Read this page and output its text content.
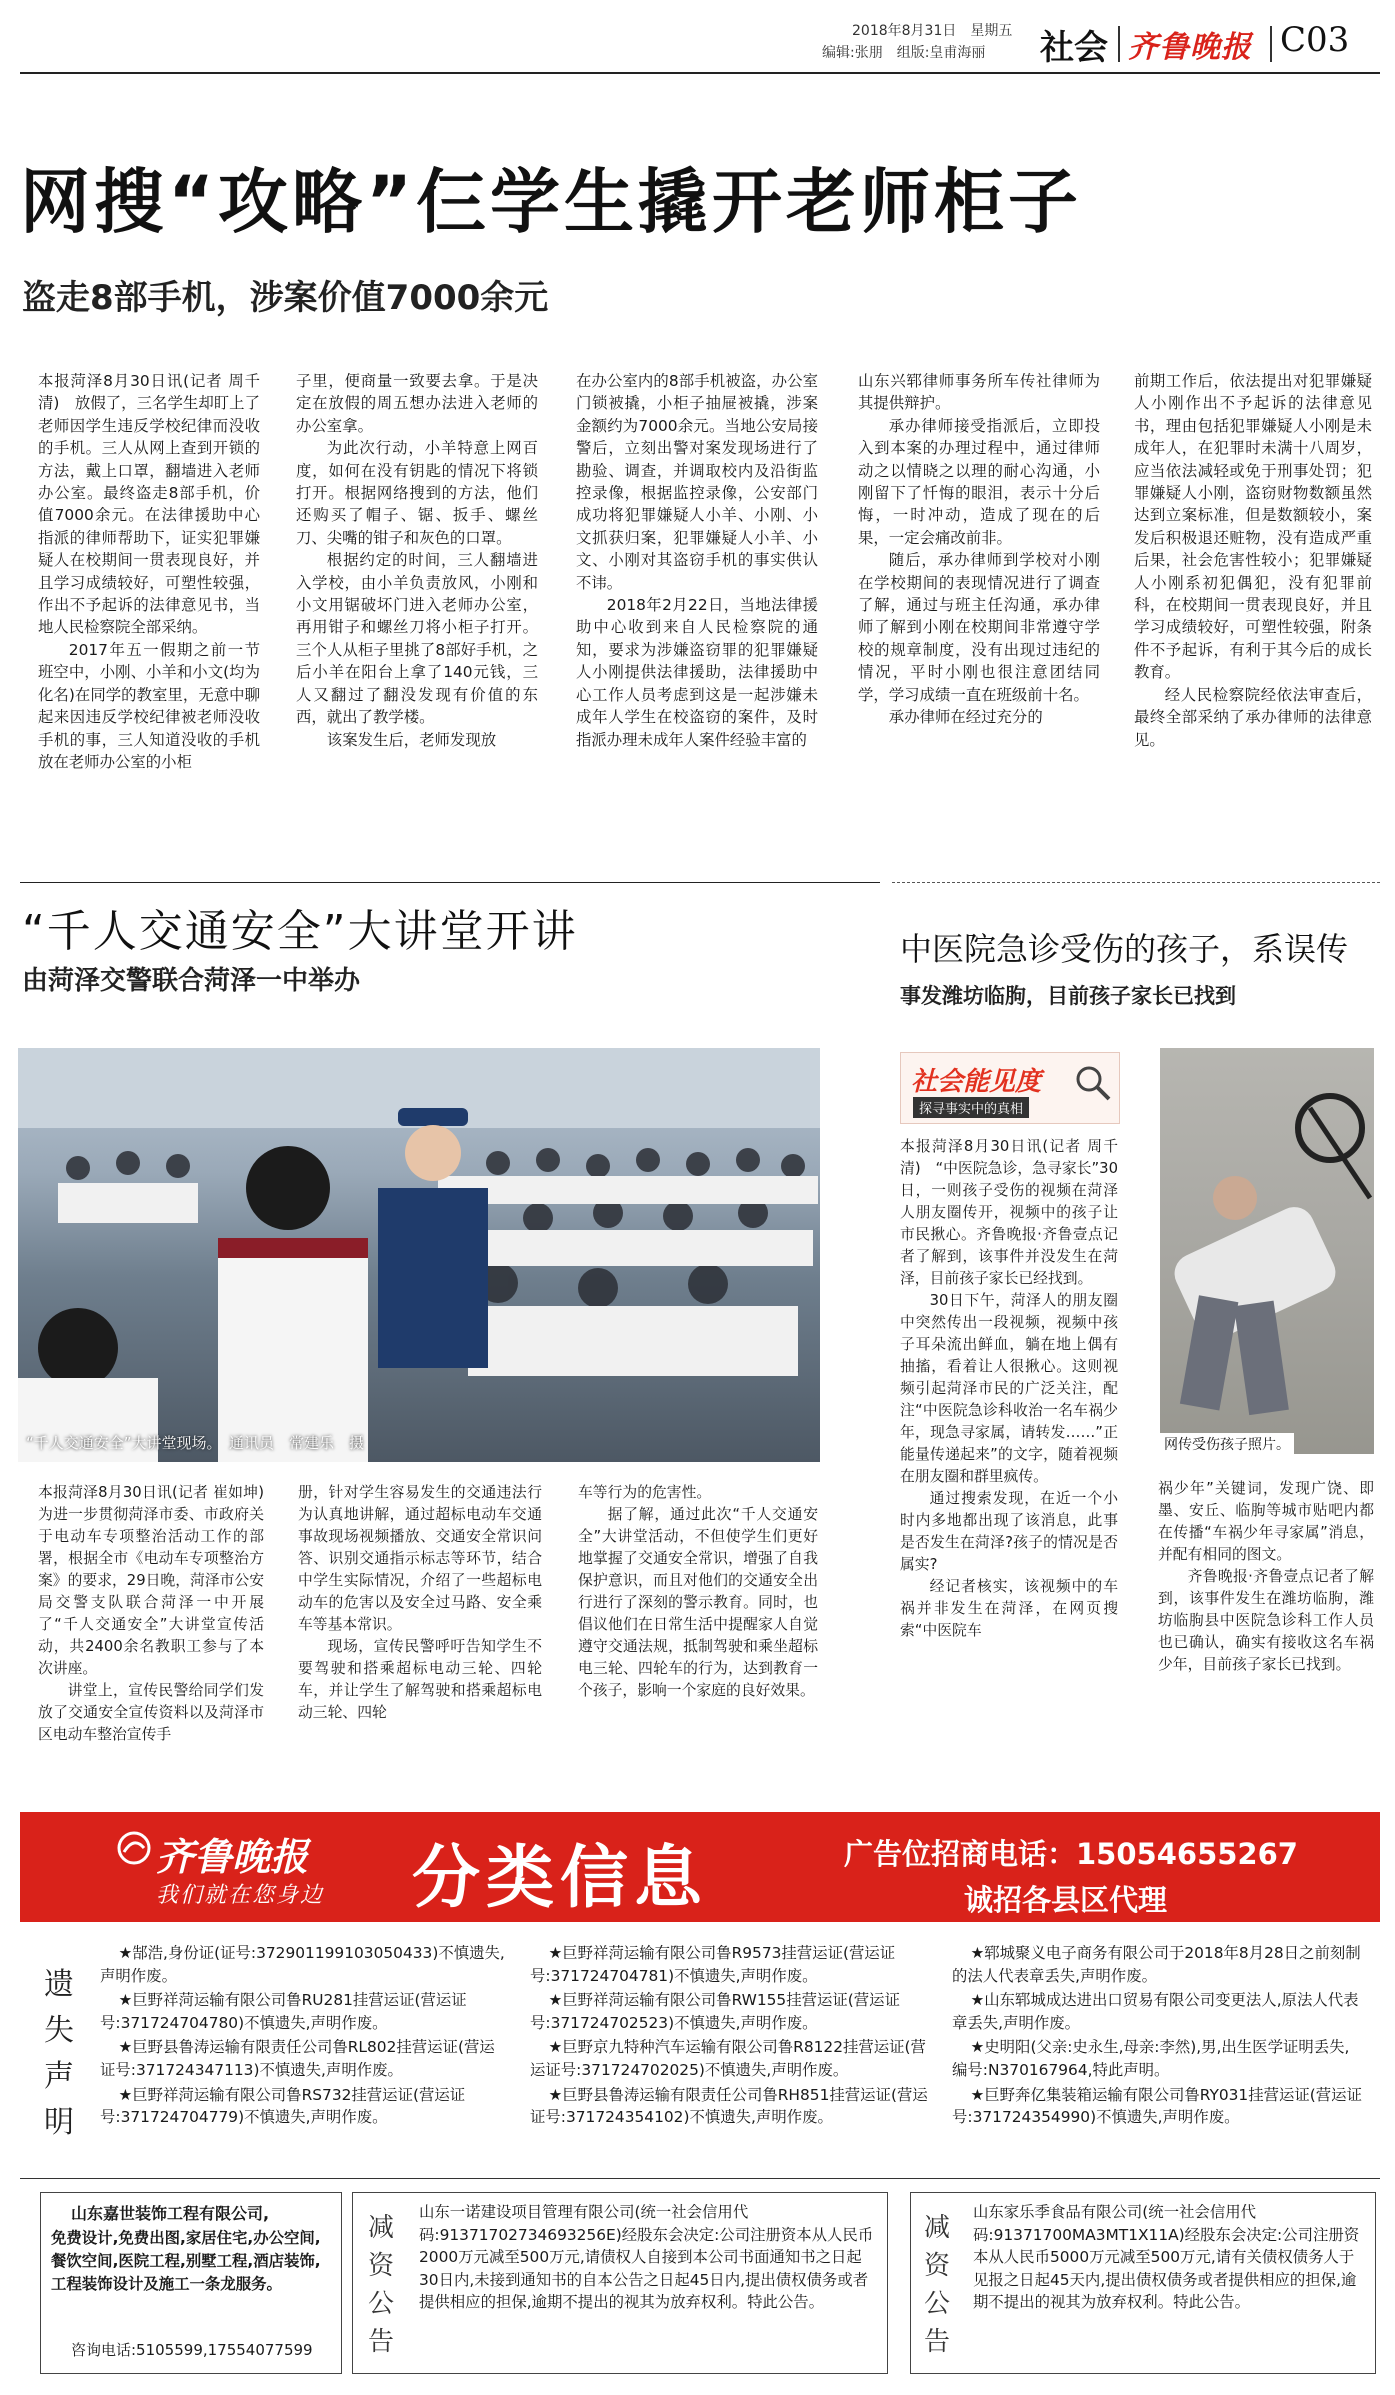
2018年8月31日　星期五
编辑:张朋　组版:皇甫海丽 社会 齐鲁晚报 C03
网搜“攻略”仨学生撬开老师柜子
盗走8部手机，涉案价值7000余元

本报菏泽8月30日讯(记者 周千清)　放假了，三名学生却盯上了老师因学生违反学校纪律而没收的手机。三人从网上查到开锁的方法，戴上口罩，翻墙进入老师办公室。最终盗走8部手机，价值7000余元。在法律援助中心指派的律师帮助下，证实犯罪嫌疑人在校期间一贯表现良好，并且学习成绩较好，可塑性较强，作出不予起诉的法律意见书，当地人民检察院全部采纳。

2017年五一假期之前一节班空中，小刚、小羊和小文(均为化名)在同学的教室里，无意中聊起来因违反学校纪律被老师没收手机的事，三人知道没收的手机放在老师办公室的小柜

子里，便商量一致要去拿。于是决定在放假的周五想办法进入老师的办公室拿。

为此次行动，小羊特意上网百度，如何在没有钥匙的情况下将锁打开。根据网络搜到的方法，他们还购买了帽子、锯、扳手、螺丝刀、尖嘴的钳子和灰色的口罩。

根据约定的时间，三人翻墙进入学校，由小羊负责放风，小刚和小文用锯破坏门进入老师办公室，再用钳子和螺丝刀将小柜子打开。三个人从柜子里挑了8部好手机，之后小羊在阳台上拿了140元钱，三人又翻过了翻没发现有价值的东西，就出了教学楼。

该案发生后，老师发现放

在办公室内的8部手机被盗，办公室门锁被撬，小柜子抽屉被撬，涉案金额约为7000余元。当地公安局接警后，立刻出警对案发现场进行了勘验、调查，并调取校内及沿街监控录像，根据监控录像，公安部门成功将犯罪嫌疑人小羊、小刚、小文抓获归案，犯罪嫌疑人小羊、小文、小刚对其盗窃手机的事实供认不讳。

2018年2月22日，当地法律援助中心收到来自人民检察院的通知，要求为涉嫌盗窃罪的犯罪嫌疑人小刚提供法律援助，法律援助中心工作人员考虑到这是一起涉嫌未成年人学生在校盗窃的案件，及时指派办理未成年人案件经验丰富的

山东兴郓律师事务所车传社律师为其提供辩护。

承办律师接受指派后，立即投入到本案的办理过程中，通过律师动之以情晓之以理的耐心沟通，小刚留下了忏悔的眼泪，表示十分后悔，一时冲动，造成了现在的后果，一定会痛改前非。

随后，承办律师到学校对小刚在学校期间的表现情况进行了调查了解，通过与班主任沟通，承办律师了解到小刚在校期间非常遵守学校的规章制度，没有出现过违纪的情况，平时小刚也很注意团结同学，学习成绩一直在班级前十名。

承办律师在经过充分的

前期工作后，依法提出对犯罪嫌疑人小刚作出不予起诉的法律意见书，理由包括犯罪嫌疑人小刚是未成年人，在犯罪时未满十八周岁，应当依法减轻或免于刑事处罚；犯罪嫌疑人小刚，盗窃财物数额虽然达到立案标准，但是数额较小，案发后积极退还赃物，没有造成严重后果，社会危害性较小；犯罪嫌疑人小刚系初犯偶犯，没有犯罪前科，在校期间一贯表现良好，并且学习成绩较好，可塑性较强，附条件不予起诉，有利于其今后的成长教育。

经人民检察院经依法审查后，最终全部采纳了承办律师的法律意见。

“千人交通安全”大讲堂开讲
由菏泽交警联合菏泽一中举办
“千人交通安全”大讲堂现场。　通讯员　常建乐　摄

本报菏泽8月30日讯(记者 崔如坤)　为进一步贯彻菏泽市委、市政府关于电动车专项整治活动工作的部署，根据全市《电动车专项整治方案》的要求，29日晚，菏泽市公安局交警支队联合菏泽一中开展了“千人交通安全”大讲堂宣传活动，共2400余名教职工参与了本次讲座。

讲堂上，宣传民警给同学们发放了交通安全宣传资料以及菏泽市区电动车整治宣传手

册，针对学生容易发生的交通违法行为认真地讲解，通过超标电动车交通事故现场视频播放、交通安全常识问答、识别交通指示标志等环节，结合中学生实际情况，介绍了一些超标电动车的危害以及安全过马路、安全乘车等基本常识。

现场，宣传民警呼吁告知学生不要驾驶和搭乘超标电动三轮、四轮车，并让学生了解驾驶和搭乘超标电动三轮、四轮

车等行为的危害性。

据了解，通过此次“千人交通安全”大讲堂活动，不但使学生们更好地掌握了交通安全常识，增强了自我保护意识，而且对他们的交通安全出行进行了深刻的警示教育。同时，也倡议他们在日常生活中提醒家人自觉遵守交通法规，抵制驾驶和乘坐超标电三轮、四轮车的行为，达到教育一个孩子，影响一个家庭的良好效果。

中医院急诊受伤的孩子，系误传
事发潍坊临朐，目前孩子家长已找到
社会能见度
探寻事实中的真相
网传受伤孩子照片。

本报菏泽8月30日讯(记者 周千清)　“中医院急诊，急寻家长”30日，一则孩子受伤的视频在菏泽人朋友圈传开，视频中的孩子让市民揪心。齐鲁晚报·齐鲁壹点记者了解到，该事件并没发生在菏泽，目前孩子家长已经找到。

30日下午，菏泽人的朋友圈中突然传出一段视频，视频中孩子耳朵流出鲜血，躺在地上偶有抽搐，看着让人很揪心。这则视频引起菏泽市民的广泛关注，配注“中医院急诊科收治一名车祸少年，现急寻家属，请转发……”正能量传递起来”的文字，随着视频在朋友圈和群里疯传。

通过搜索发现，在近一个小时内多地都出现了该消息，此事是否发生在菏泽?孩子的情况是否属实?

经记者核实，该视频中的车祸并非发生在菏泽，在网页搜索“中医院车

祸少年”关键词，发现广饶、即墨、安丘、临朐等城市贴吧内都在传播“车祸少年寻家属”消息，并配有相同的图文。

齐鲁晚报·齐鲁壹点记者了解到，该事件发生在潍坊临朐，潍坊临朐县中医院急诊科工作人员也已确认，确实有接收这名车祸少年，目前孩子家长已找到。

齐鲁晚报
我们就在您身边 分类信息	广告位招商电话：15054655267
诚招各县区代理
遗失声明

★郜浩,身份证(证号:372901199103050433)不慎遗失,声明作废。

★巨野祥菏运输有限公司鲁RU281挂营运证(营运证号:371724704780)不慎遗失,声明作废。

★巨野县鲁涛运输有限责任公司鲁RL802挂营运证(营运证号:371724347113)不慎遗失,声明作废。

★巨野祥菏运输有限公司鲁RS732挂营运证(营运证号:371724704779)不慎遗失,声明作废。

★巨野祥菏运输有限公司鲁R9573挂营运证(营运证号:371724704781)不慎遗失,声明作废。

★巨野祥菏运输有限公司鲁RW155挂营运证(营运证号:371724702523)不慎遗失,声明作废。

★巨野京九特种汽车运输有限公司鲁R8122挂营运证(营运证号:371724702025)不慎遗失,声明作废。

★巨野县鲁涛运输有限责任公司鲁RH851挂营运证(营运证号:371724354102)不慎遗失,声明作废。

★郓城聚义电子商务有限公司于2018年8月28日之前刻制的法人代表章丢失,声明作废。

★山东郓城成达进出口贸易有限公司变更法人,原法人代表章丢失,声明作废。

★史明阳(父亲:史永生,母亲:李然),男,出生医学证明丢失,编号:N370167964,特此声明。

★巨野奔亿集装箱运输有限公司鲁RY031挂营运证(营运证号:371724354990)不慎遗失,声明作废。

山东嘉世装饰工程有限公司,
免费设计,免费出图,家居住宅,办公空间,餐饮空间,医院工程,别墅工程,酒店装饰,工程装饰设计及施工一条龙服务。
咨询电话:5105599,17554077599
减资公告
山东一诺建设项目管理有限公司(统一社会信用代码:91371702734693256E)经股东会决定:公司注册资本从人民币2000万元减至500万元,请债权人自接到本公司书面通知书之日起30日内,未接到通知书的自本公告之日起45日内,提出债权债务或者提供相应的担保,逾期不提出的视其为放弃权利。特此公告。
减资公告
山东家乐季食品有限公司(统一社会信用代码:91371700MA3MT1X11A)经股东会决定:公司注册资本从人民币5000万元减至500万元,请有关债权债务人于见报之日起45天内,提出债权债务或者提供相应的担保,逾期不提出的视其为放弃权利。特此公告。
